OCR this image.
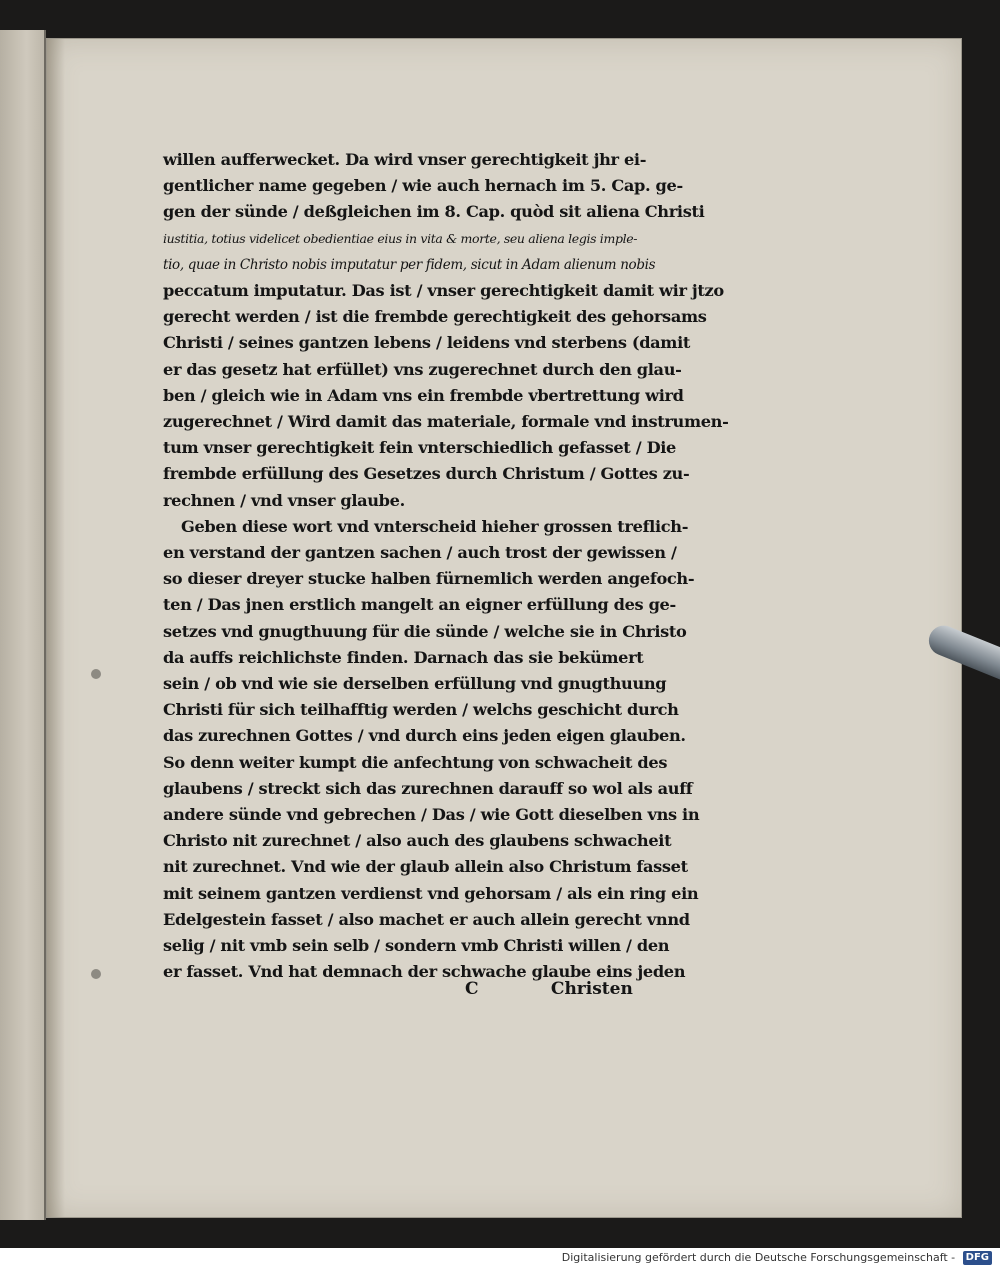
willen aufferwecket. Da wird vnser gerechtigkeit jhr ei-
gentlicher name gegeben / wie auch hernach im 5. Cap. ge-
gen der sünde / deßgleichen im 8. Cap. quòd sit aliena Christi
iustitia, totius videlicet obedientiae eius in vita & morte, seu aliena legis imple-
tio, quae in Christo nobis imputatur per fidem, sicut in Adam alienum nobis
peccatum imputatur. Das ist / vnser gerechtigkeit damit wir jtzo
gerecht werden / ist die frembde gerechtigkeit des gehorsams
Christi / seines gantzen lebens / leidens vnd sterbens (damit
er das gesetz hat erfüllet) vns zugerechnet durch den glau-
ben / gleich wie in Adam vns ein frembde vbertrettung wird
zugerechnet / Wird damit das materiale, formale vnd instrumen-
tum vnser gerechtigkeit fein vnterschiedlich gefasset / Die
frembde erfüllung des Gesetzes durch Christum / Gottes zu-
rechnen / vnd vnser glaube.
Geben diese wort vnd vnterscheid hieher grossen treflich-
en verstand der gantzen sachen / auch trost der gewissen /
so dieser dreyer stucke halben fürnemlich werden angefoch-
ten / Das jnen erstlich mangelt an eigner erfüllung des ge-
setzes vnd gnugthuung für die sünde / welche sie in Christo
da auffs reichlichste finden. Darnach das sie bekümert
sein / ob vnd wie sie derselben erfüllung vnd gnugthuung
Christi für sich teilhafftig werden / welchs geschicht durch
das zurechnen Gottes / vnd durch eins jeden eigen glauben.
So denn weiter kumpt die anfechtung von schwacheit des
glaubens / streckt sich das zurechnen darauff so wol als auff
andere sünde vnd gebrechen / Das / wie Gott dieselben vns in
Christo nit zurechnet / also auch des glaubens schwacheit
nit zurechnet. Vnd wie der glaub allein also Christum fasset
mit seinem gantzen verdienst vnd gehorsam / als ein ring ein
Edelgestein fasset / also machet er auch allein gerecht vnnd
selig / nit vmb sein selb / sondern vmb Christi willen / den
er fasset. Vnd hat demnach der schwache glaube eins jeden
C	Christen
Digitalisierung gefördert durch die Deutsche Forschungsgemeinschaft - DFG
